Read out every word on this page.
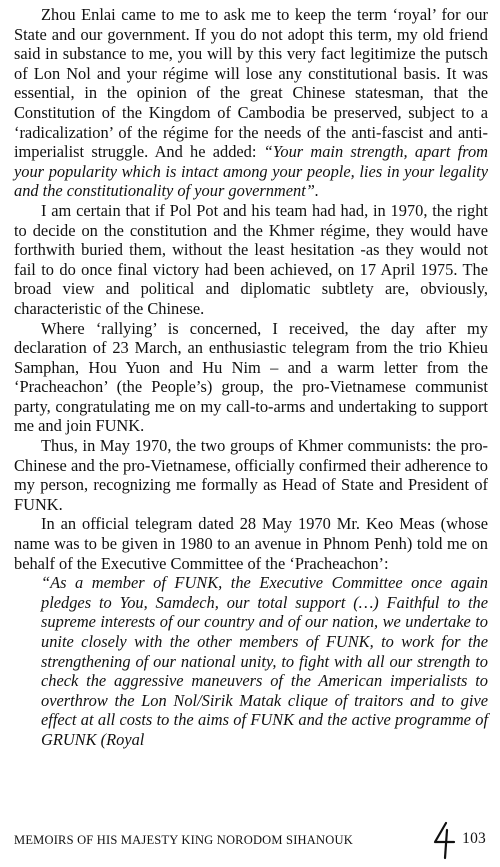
Zhou Enlai came to me to ask me to keep the term ‘royal’ for our State and our government. If you do not adopt this term, my old friend said in substance to me, you will by this very fact legitimize the putsch of Lon Nol and your régime will lose any constitutional basis. It was essential, in the opinion of the great Chinese statesman, that the Constitution of the Kingdom of Cambodia be preserved, subject to a ‘radicalization’ of the régime for the needs of the anti-fascist and anti-imperialist struggle. And he added: “Your main strength, apart from your popularity which is intact among your people, lies in your legality and the constitutionality of your government”.

I am certain that if Pol Pot and his team had had, in 1970, the right to decide on the constitution and the Khmer régime, they would have forthwith buried them, without the least hesitation -as they would not fail to do once final victory had been achieved, on 17 April 1975. The broad view and political and diplomatic subtlety are, obviously, characteristic of the Chinese.

Where ‘rallying’ is concerned, I received, the day after my declaration of 23 March, an enthusiastic telegram from the trio Khieu Samphan, Hou Yuon and Hu Nim – and a warm letter from the ‘Pracheachon’ (the People’s) group, the pro-Vietnamese communist party, congratulating me on my call-to-arms and undertaking to support me and join FUNK.

Thus, in May 1970, the two groups of Khmer communists: the pro-Chinese and the pro-Vietnamese, officially confirmed their adherence to my person, recognizing me formally as Head of State and President of FUNK.

In an official telegram dated 28 May 1970 Mr. Keo Meas (whose name was to be given in 1980 to an avenue in Phnom Penh) told me on behalf of the Executive Committee of the ‘Pracheachon’:

“As a member of FUNK, the Executive Committee once again pledges to You, Samdech, our total support (…) Faithful to the supreme interests of our country and of our nation, we undertake to unite closely with the other members of FUNK, to work for the strengthening of our national unity, to fight with all our strength to check the aggressive maneuvers of the American imperialists to overthrow the Lon Nol/Sirik Matak clique of traitors and to give effect at all costs to the aims of FUNK and the active programme of GRUNK (Royal

MEMOIRS OF HIS MAJESTY KING NORODOM SIHANOUK	103
